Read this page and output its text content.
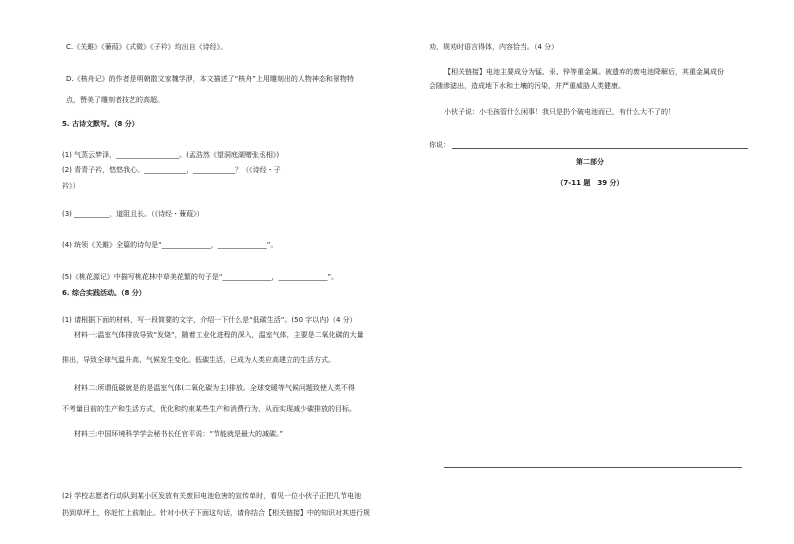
C.《关雎》《蒹葭》《式微》《子衿》均出自《诗经》。
D.《核舟记》的作者是明朝散文家魏学洢，本文描述了“核舟”上用雕刻出的人物神态和景物特
点，赞美了雕刻者技艺的高超。
5. 古诗文默写。（8 分）
(1) 气蒸云梦泽，__________________。(孟浩然《望洞庭湖赠张丞相》)
(2) 青青子衿，悠悠我心。____________，____________？（《诗经・子
衿》）
(3) __________，道阻且长。（《诗经・蒹葭》）
(4) 统领《关雎》全篇的诗句是“______________，______________”。
(5)《桃花源记》中描写桃花林中草美花繁的句子是“______________，______________”。
6. 综合实践活动。（8 分）
(1) 请根据下面的材料，写一段简要的文字，介绍一下什么是“低碳生活”。(50 字以内)（4 分）
材料一:温室气体排放导致“发烧”，随着工业化进程的深入，温室气体，主要是二氧化碳的大量
排出，导致全球气温升高、气候发生变化。低碳生活，已成为人类应高建立的生活方式。
材料二:所谓低碳就是的是温室气体(二氧化碳为主)排放。全球变暖等气候问题致使人类不得
不考量目前的生产和生活方式，优化和约束某些生产和消费行为，从而实现减少碳排放的目标。
材料三:中国环境科学学会秘书长任官平说：“节能就是最大的减碳。”
(2) 学校志愿者行动队到某小区发放有关废旧电池危害的宣传单时，看见一位小伙子正把几节电池
扔到草坪上，你赶忙上前制止。针对小伙子下面这句话，请你结合【相关链接】中的知识对其进行规
劝，规劝时语言得体，内容恰当。（4 分）
【相关链接】电池主要成分为锰、汞、锌等重金属。被遗弃的废电池降解后，其重金属成份
会随渗滤出，造成地下水和土壤的污染，并严重威胁人类健康。
小伙子说：小毛孩管什么闲事！我只是扔个破电池而已，有什么大不了的！
你说：
第二部分
（7-11 题　39 分）
